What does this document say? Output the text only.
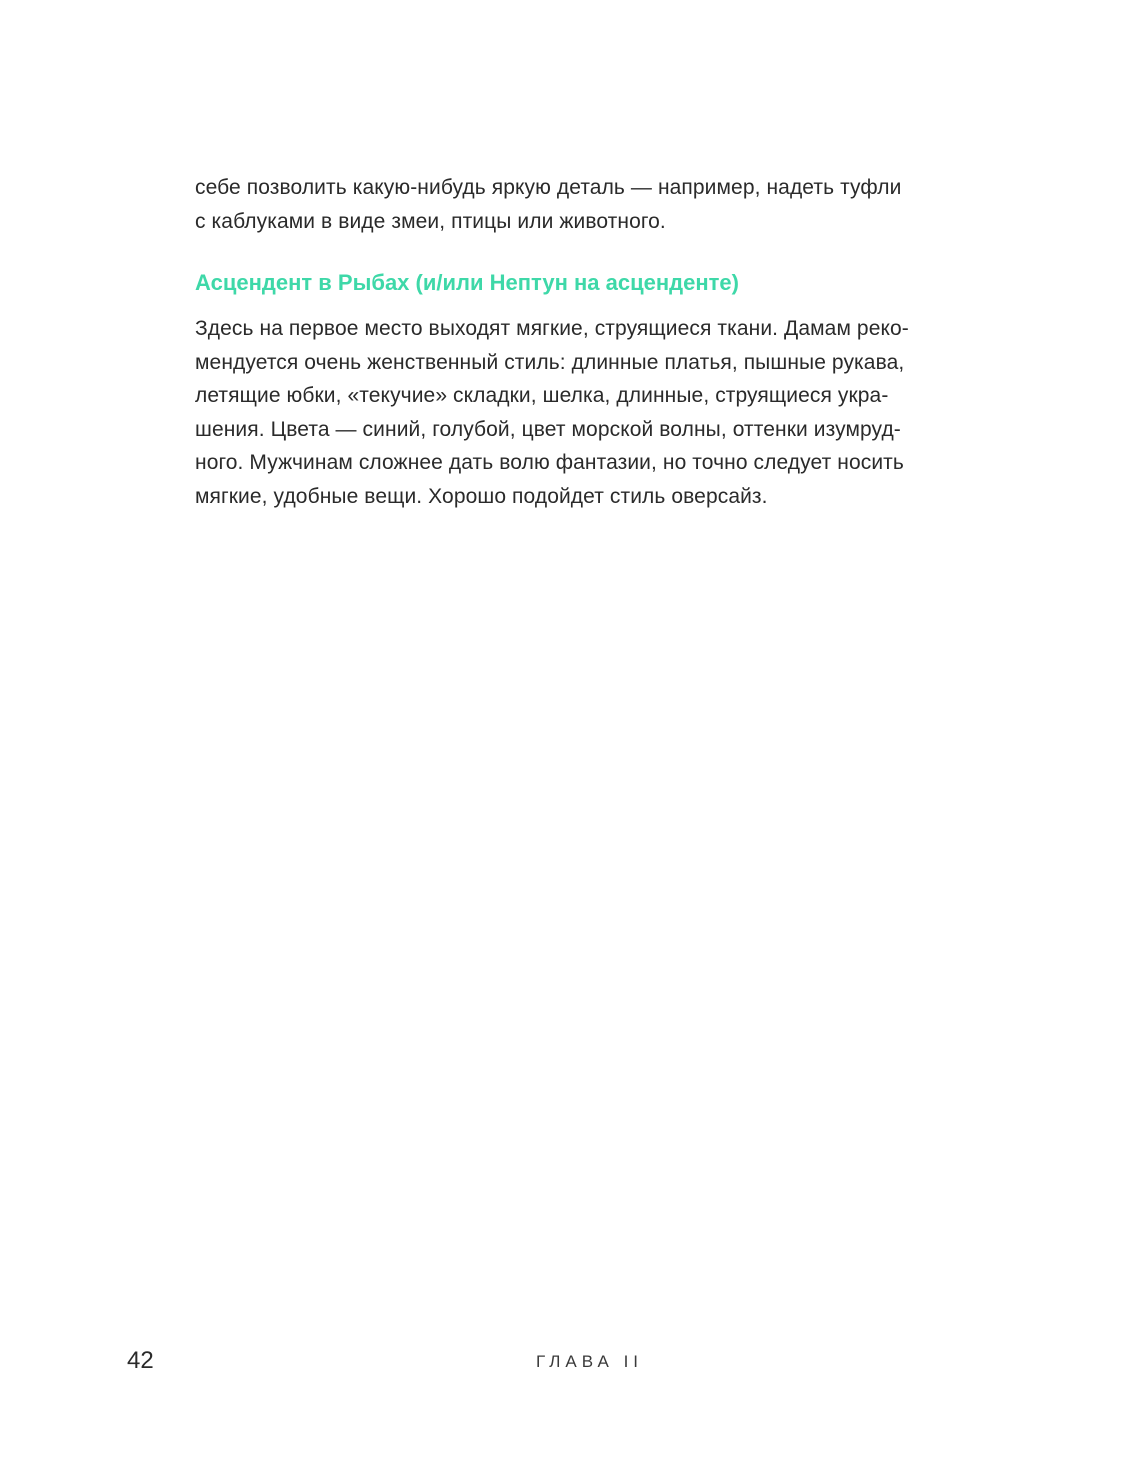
себе позволить какую-нибудь яркую деталь — например, надеть туфли
с каблуками в виде змеи, птицы или животного.

Асцендент в Рыбах (и/или Нептун на асценденте)

Здесь на первое место выходят мягкие, струящиеся ткани. Дамам реко-
мендуется очень женственный стиль: длинные платья, пышные рукава,
летящие юбки, «текучие» складки, шелка, длинные, струящиеся укра-
шения. Цвета — синий, голубой, цвет морской волны, оттенки изумруд-
ного. Мужчинам сложнее дать волю фантазии, но точно следует носить
мягкие, удобные вещи. Хорошо подойдет стиль оверсайз.

42	ГЛАВА II
